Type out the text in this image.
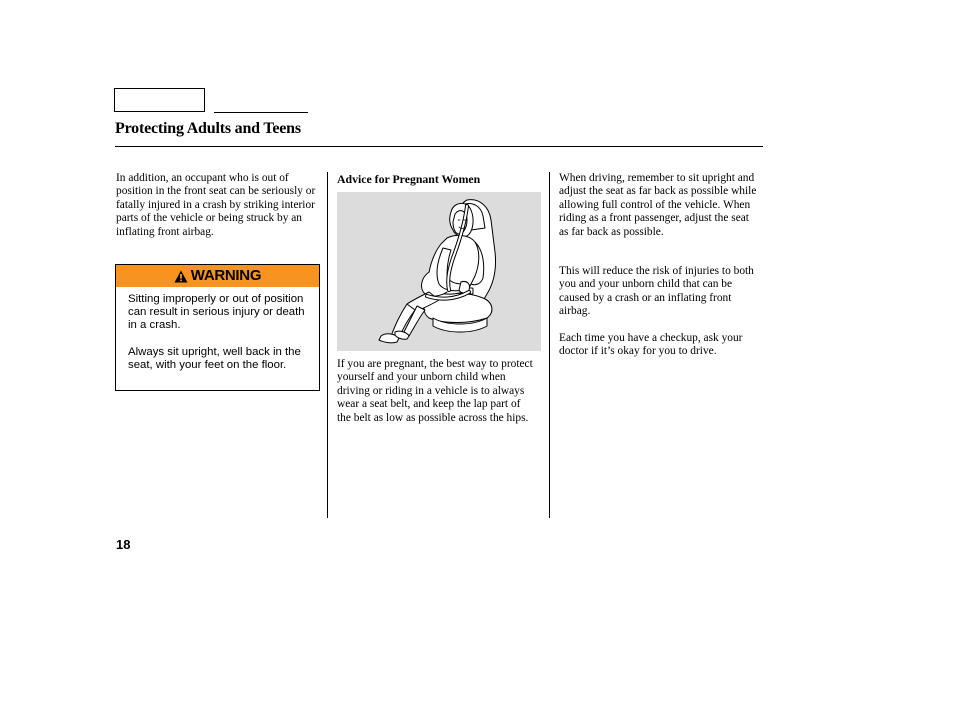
Protecting Adults and Teens

In addition, an occupant who is out of position in the front seat can be seriously or fatally injured in a crash by striking interior parts of the vehicle or being struck by an inflating front airbag.

WARNING

Sitting improperly or out of position can result in serious injury or death in a crash.

Always sit upright, well back in the seat, with your feet on the floor.

Advice for Pregnant Women

If you are pregnant, the best way to protect yourself and your unborn child when driving or riding in a vehicle is to always wear a seat belt, and keep the lap part of the belt as low as possible across the hips.

When driving, remember to sit upright and adjust the seat as far back as possible while allowing full control of the vehicle. When riding as a front passenger, adjust the seat as far back as possible.

This will reduce the risk of injuries to both you and your unborn child that can be caused by a crash or an inflating front airbag.

Each time you have a checkup, ask your doctor if it’s okay for you to drive.

18
